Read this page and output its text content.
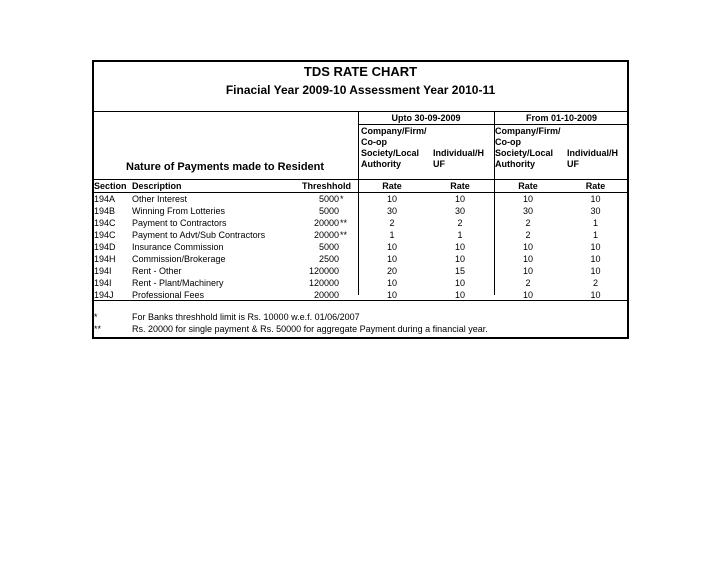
TDS RATE CHART
Finacial Year 2009-10 Assessment Year 2010-11
Upto 30-09-2009	From 01-10-2009
Company/Firm/
Co-op
Society/Local
Authority
Individual/H
UF
Company/Firm/
Co-op
Society/Local
Authority
Individual/H
UF
Nature of Payments made to Resident
Section Description	Threshhold	Rate	Rate	Rate	Rate
194A	Other Interest	5000 *	10	10	10	10
194B	Winning From Lotteries	5000	30	30	30	30
194C	Payment to Contractors	20000 **	2	2	2	1
194C	Payment to Advt/Sub Contractors	20000 **	1	1	2	1
194D	Insurance Commission	5000	10	10	10	10
194H	Commission/Brokerage	2500	10	10	10	10
194I	Rent - Other	120000	20	15	10	10
194I	Rent - Plant/Machinery	120000	10	10	2	2
194J	Professional Fees	20000	10	10	10	10
*	For Banks threshhold limit is Rs. 10000 w.e.f. 01/06/2007
**	Rs. 20000 for single payment & Rs. 50000 for aggregate Payment during a financial year.
